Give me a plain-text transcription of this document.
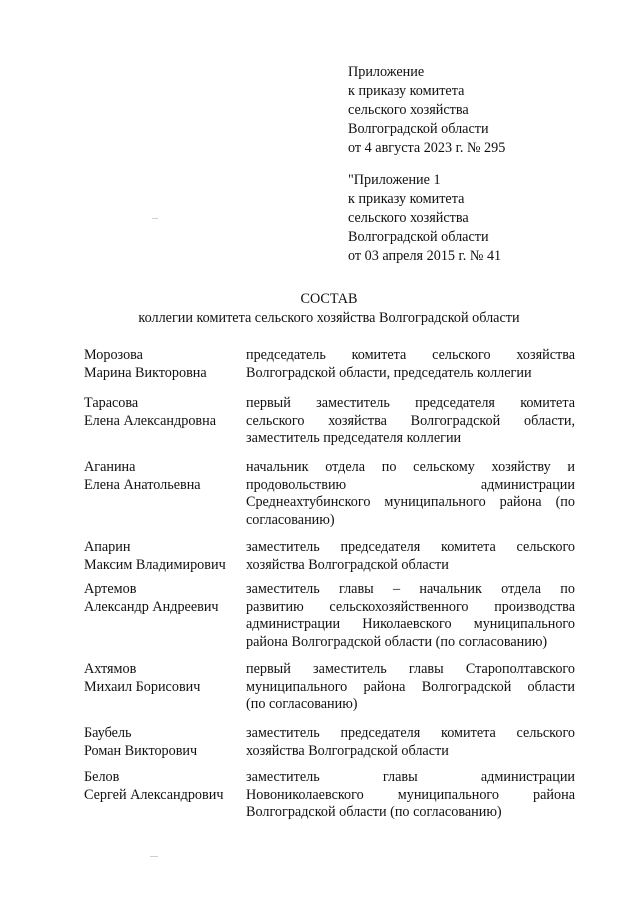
Приложение
к приказу комитета
сельского хозяйства
Волгоградской области
от 4 августа 2023 г. № 295
"Приложение 1
к приказу комитета
сельского хозяйства
Волгоградской области
от 03 апреля 2015 г. № 41
СОСТАВ
коллегии комитета сельского хозяйства Волгоградской области
Морозова
Марина Викторовна
председатель комитета сельского хозяйства
Волгоградской области, председатель коллегии
Тарасова
Елена Александровна
первый заместитель председателя комитета
сельского хозяйства Волгоградской области,
заместитель председателя коллегии
Аганина
Елена Анатольевна
начальник отдела по сельскому хозяйству и
продовольствию администрации
Среднеахтубинского муниципального района (по
согласованию)
Апарин
Максим Владимирович
заместитель председателя комитета сельского
хозяйства Волгоградской области
Артемов
Александр Андреевич
заместитель главы – начальник отдела по
развитию сельскохозяйственного производства
администрации Николаевского муниципального
района Волгоградской области (по согласованию)
Ахтямов
Михаил Борисович
первый заместитель главы Старополтавского
муниципального района Волгоградской области
(по согласованию)
Баубель
Роман Викторович
заместитель председателя комитета сельского
хозяйства Волгоградской области
Белов
Сергей Александрович
заместитель главы администрации
Новониколаевского муниципального района
Волгоградской области (по согласованию)
